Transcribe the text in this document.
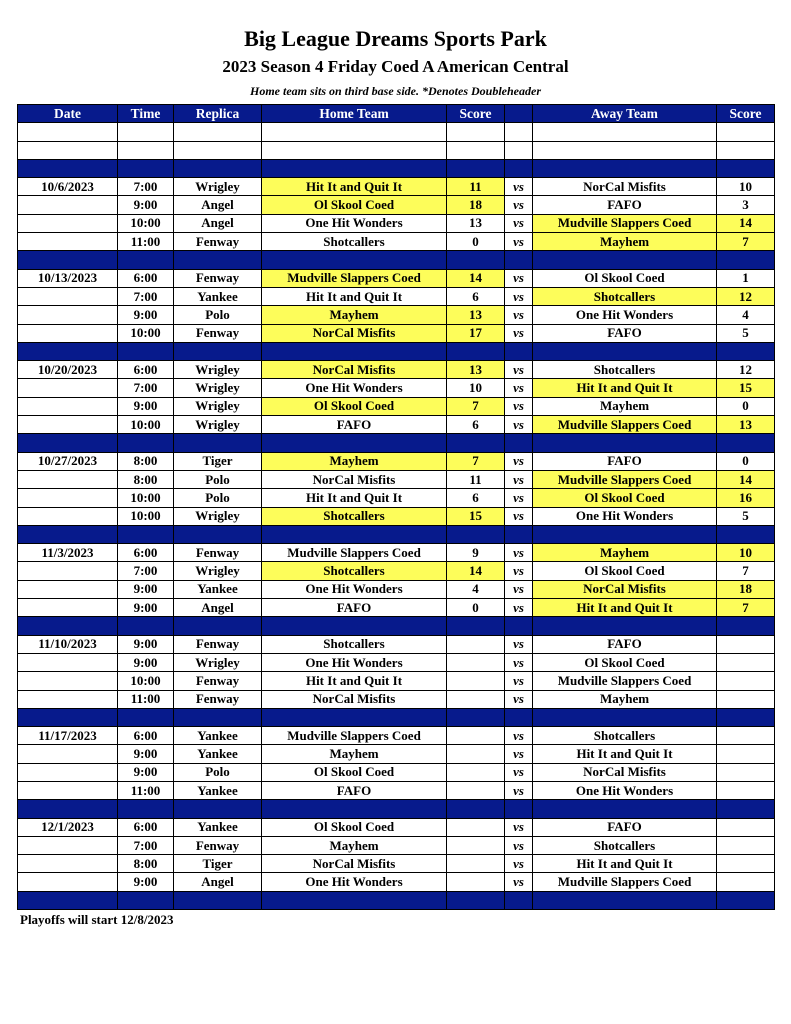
Big League Dreams Sports Park
2023 Season 4 Friday Coed A American Central
Home team sits on third base side. *Denotes Doubleheader
Date	Time	Replica	Home Team	Score		Away Team	Score

10/6/2023	7:00	Wrigley	Hit It and Quit It	11	vs	NorCal Misfits	10
	9:00	Angel	Ol Skool Coed	18	vs	FAFO	3
	10:00	Angel	One Hit Wonders	13	vs	Mudville Slappers Coed	14
	11:00	Fenway	Shotcallers	0	vs	Mayhem	7

10/13/2023	6:00	Fenway	Mudville Slappers Coed	14	vs	Ol Skool Coed	1
	7:00	Yankee	Hit It and Quit It	6	vs	Shotcallers	12
	9:00	Polo	Mayhem	13	vs	One Hit Wonders	4
	10:00	Fenway	NorCal Misfits	17	vs	FAFO	5

10/20/2023	6:00	Wrigley	NorCal Misfits	13	vs	Shotcallers	12
	7:00	Wrigley	One Hit Wonders	10	vs	Hit It and Quit It	15
	9:00	Wrigley	Ol Skool Coed	7	vs	Mayhem	0
	10:00	Wrigley	FAFO	6	vs	Mudville Slappers Coed	13

10/27/2023	8:00	Tiger	Mayhem	7	vs	FAFO	0
	8:00	Polo	NorCal Misfits	11	vs	Mudville Slappers Coed	14
	10:00	Polo	Hit It and Quit It	6	vs	Ol Skool Coed	16
	10:00	Wrigley	Shotcallers	15	vs	One Hit Wonders	5

11/3/2023	6:00	Fenway	Mudville Slappers Coed	9	vs	Mayhem	10
	7:00	Wrigley	Shotcallers	14	vs	Ol Skool Coed	7
	9:00	Yankee	One Hit Wonders	4	vs	NorCal Misfits	18
	9:00	Angel	FAFO	0	vs	Hit It and Quit It	7

11/10/2023	9:00	Fenway	Shotcallers		vs	FAFO	
	9:00	Wrigley	One Hit Wonders		vs	Ol Skool Coed	
	10:00	Fenway	Hit It and Quit It		vs	Mudville Slappers Coed	
	11:00	Fenway	NorCal Misfits		vs	Mayhem	

11/17/2023	6:00	Yankee	Mudville Slappers Coed		vs	Shotcallers	
	9:00	Yankee	Mayhem		vs	Hit It and Quit It	
	9:00	Polo	Ol Skool Coed		vs	NorCal Misfits	
	11:00	Yankee	FAFO		vs	One Hit Wonders	

12/1/2023	6:00	Yankee	Ol Skool Coed		vs	FAFO	
	7:00	Fenway	Mayhem		vs	Shotcallers	
	8:00	Tiger	NorCal Misfits		vs	Hit It and Quit It	
	9:00	Angel	One Hit Wonders		vs	Mudville Slappers Coed	

Playoffs will start 12/8/2023
